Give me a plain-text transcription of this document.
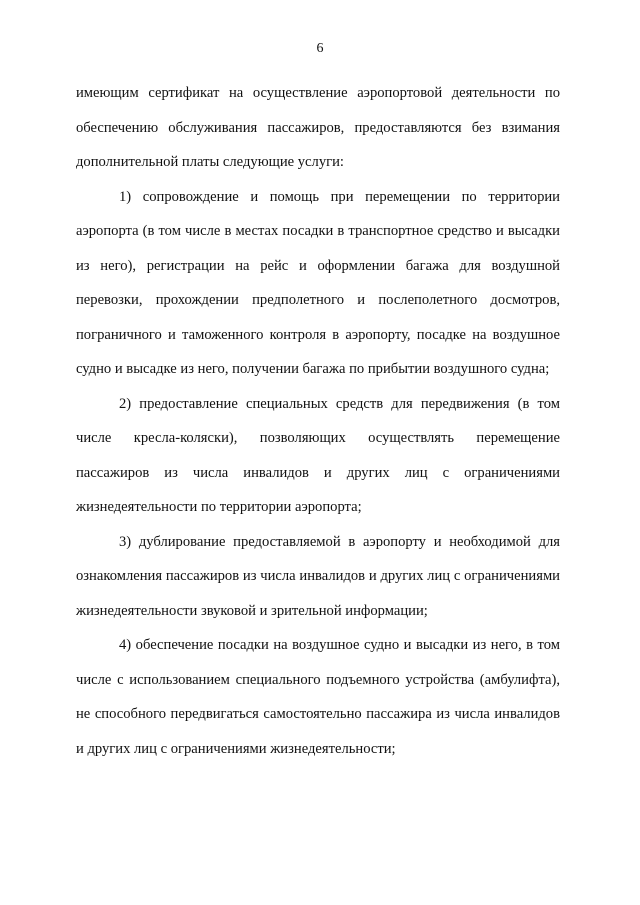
6

имеющим сертификат на осуществление аэропортовой деятельности по обеспечению обслуживания пассажиров, предоставляются без взимания дополнительной платы следующие услуги:

1) сопровождение и помощь при перемещении по территории аэропорта (в том числе в местах посадки в транспортное средство и высадки из него), регистрации на рейс и оформлении багажа для воздушной перевозки, прохождении предполетного и послеполетного досмотров, пограничного и таможенного контроля в аэропорту, посадке на воздушное судно и высадке из него, получении багажа по прибытии воздушного судна;

2) предоставление специальных средств для передвижения (в том числе кресла-коляски), позволяющих осуществлять перемещение пассажиров из числа инвалидов и других лиц с ограничениями жизнедеятельности по территории аэропорта;

3) дублирование предоставляемой в аэропорту и необходимой для ознакомления пассажиров из числа инвалидов и других лиц с ограничениями жизнедеятельности звуковой и зрительной информации;

4) обеспечение посадки на воздушное судно и высадки из него, в том числе с использованием специального подъемного устройства (амбулифта), не способного передвигаться самостоятельно пассажира из числа инвалидов и других лиц с ограничениями жизнедеятельности;
